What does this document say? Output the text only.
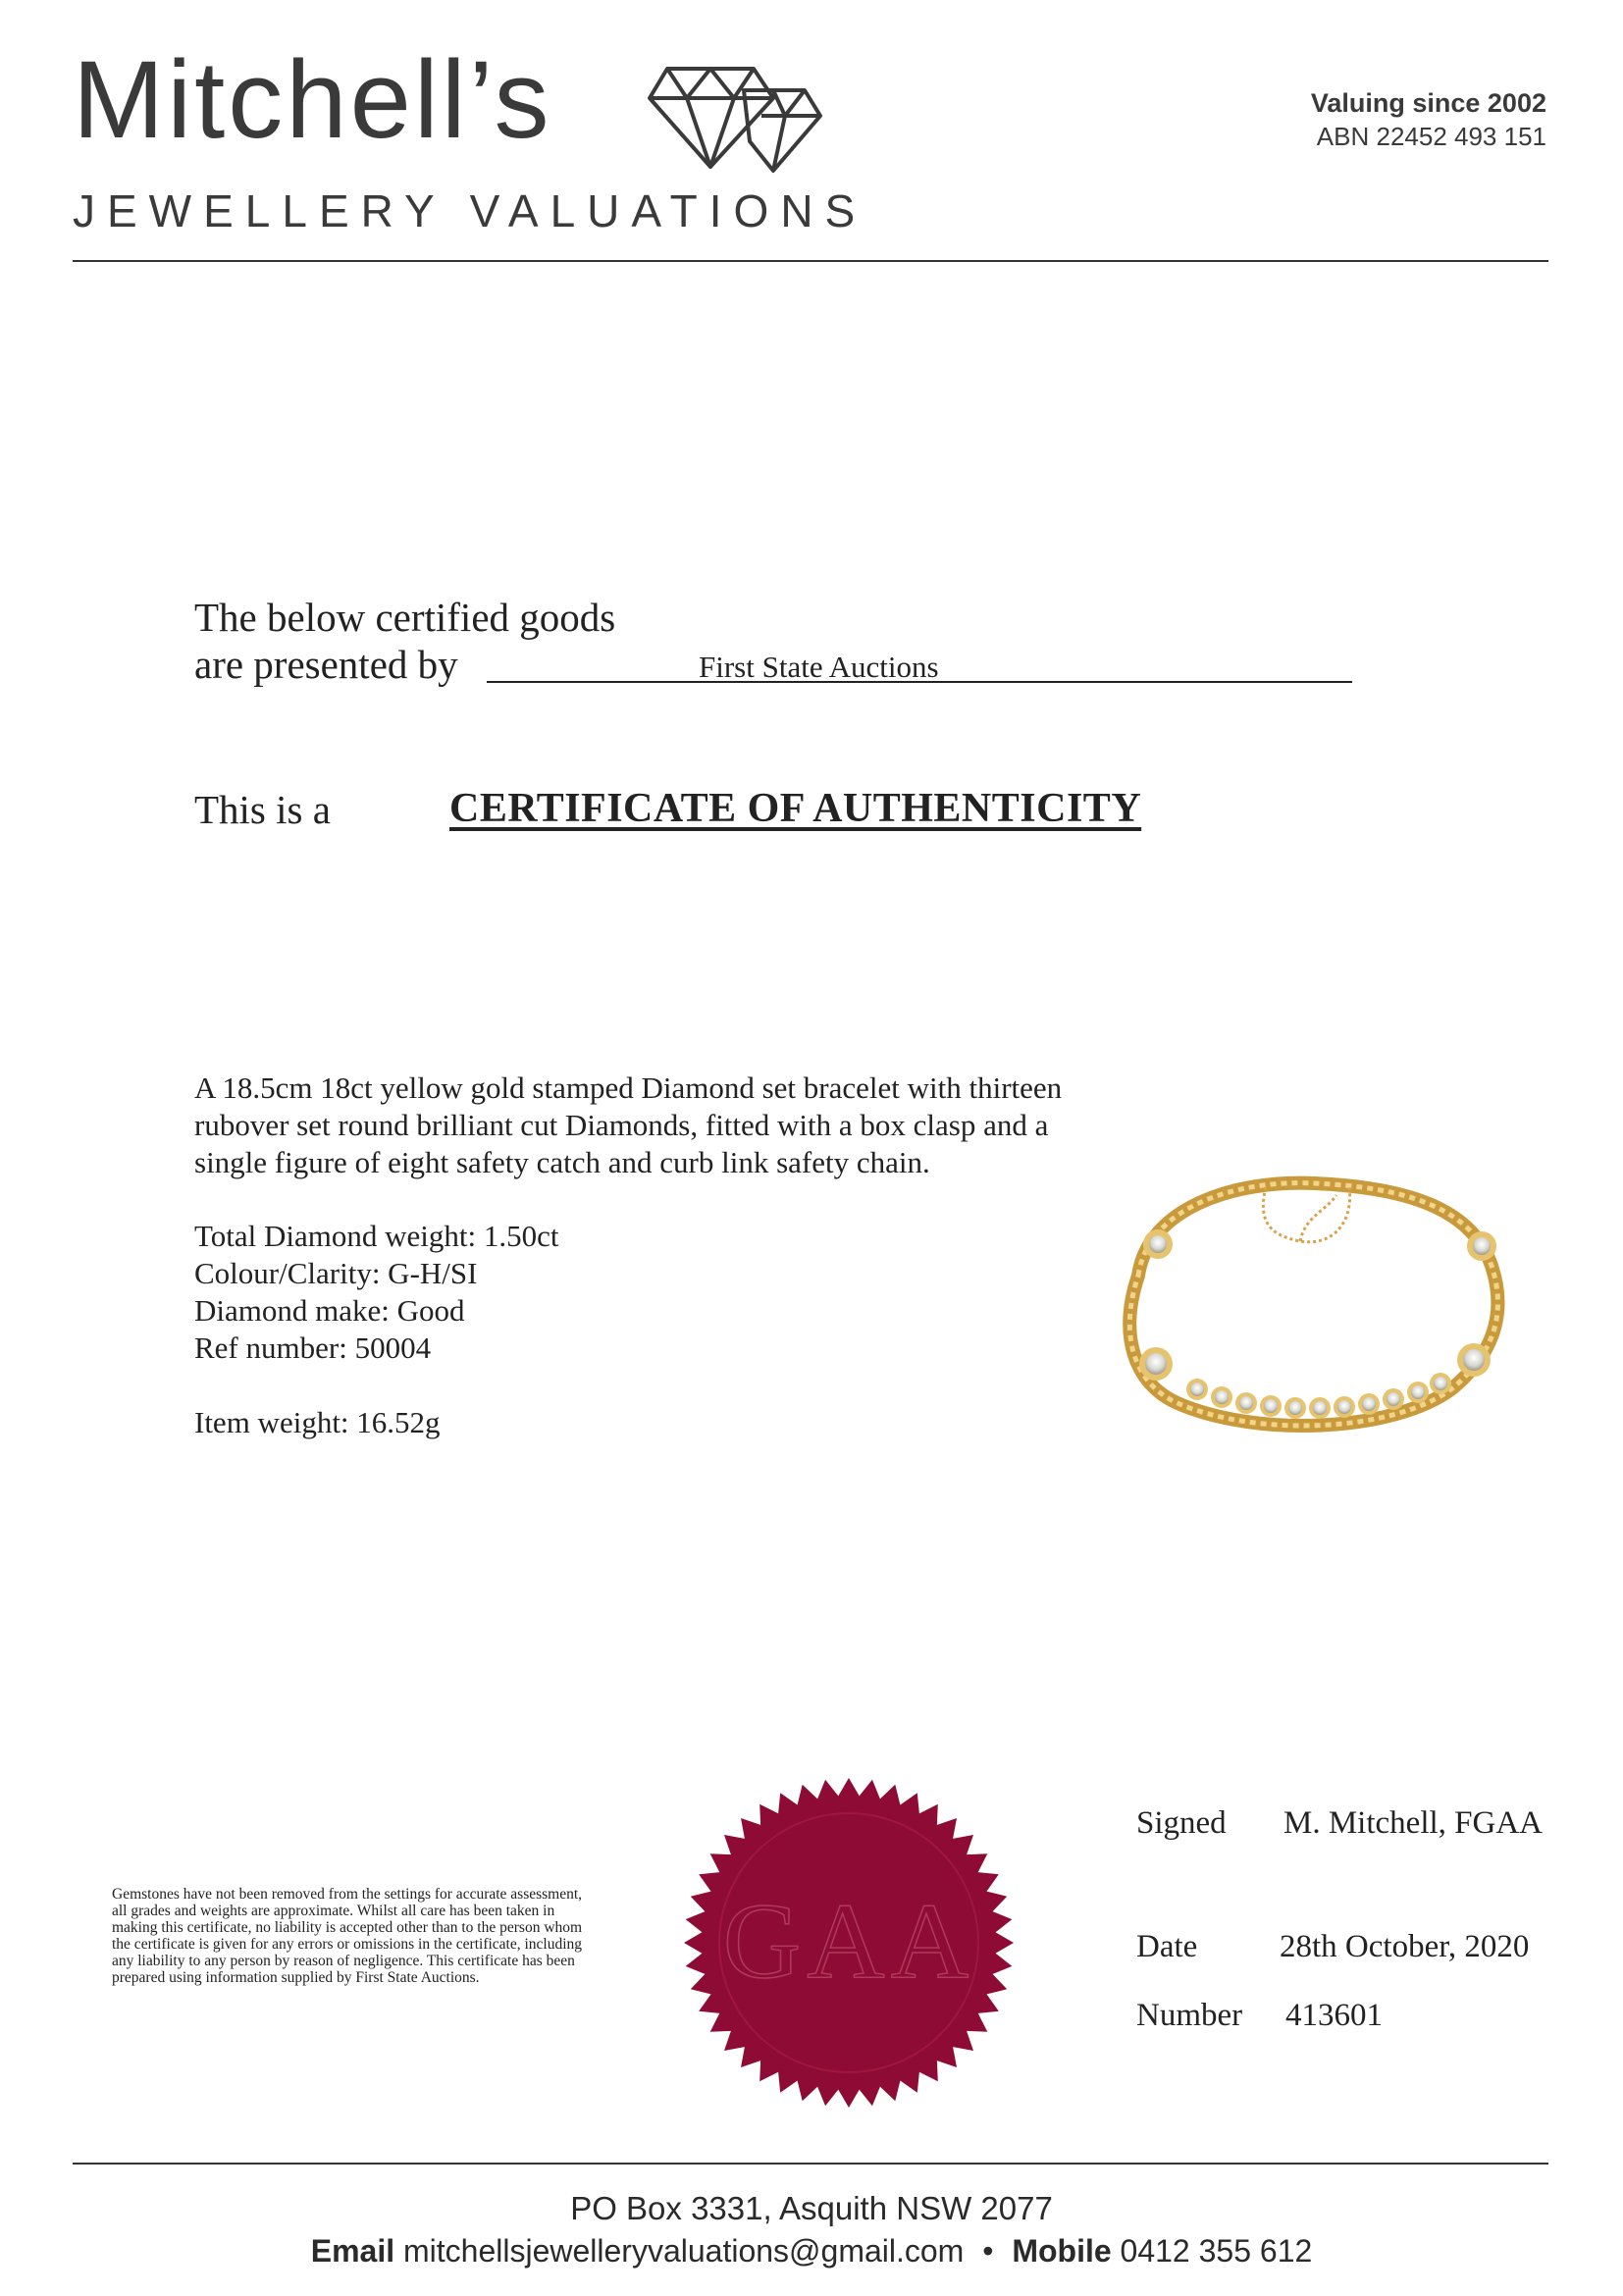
Mitchell’s
JEWELLERY VALUATIONS
Valuing since 2002
ABN 22452 493 151
The below certified goods
are presented by	First State Auctions
This is a	CERTIFICATE OF AUTHENTICITY
A 18.5cm 18ct yellow gold stamped Diamond set bracelet with thirteen
rubover set round brilliant cut Diamonds, fitted with a box clasp and a
single figure of eight safety catch and curb link safety chain.
Total Diamond weight: 1.50ct
Colour/Clarity: G-H/SI
Diamond make: Good
Ref number: 50004
Item weight: 16.52g
Gemstones have not been removed from the settings for accurate assessment, all grades and weights are approximate. Whilst all care has been taken in making this certificate, no liability is accepted other than to the person whom the certificate is given for any errors or omissions in the certificate, including any liability to any person by reason of negligence. This certificate has been prepared using information supplied by First State Auctions.	GAA
Signed M. Mitchell, FGAA
Date	28th October, 2020
Number 413601
PO Box 3331, Asquith NSW 2077
Email mitchellsjewelleryvaluations@gmail.com • Mobile 0412 355 612
